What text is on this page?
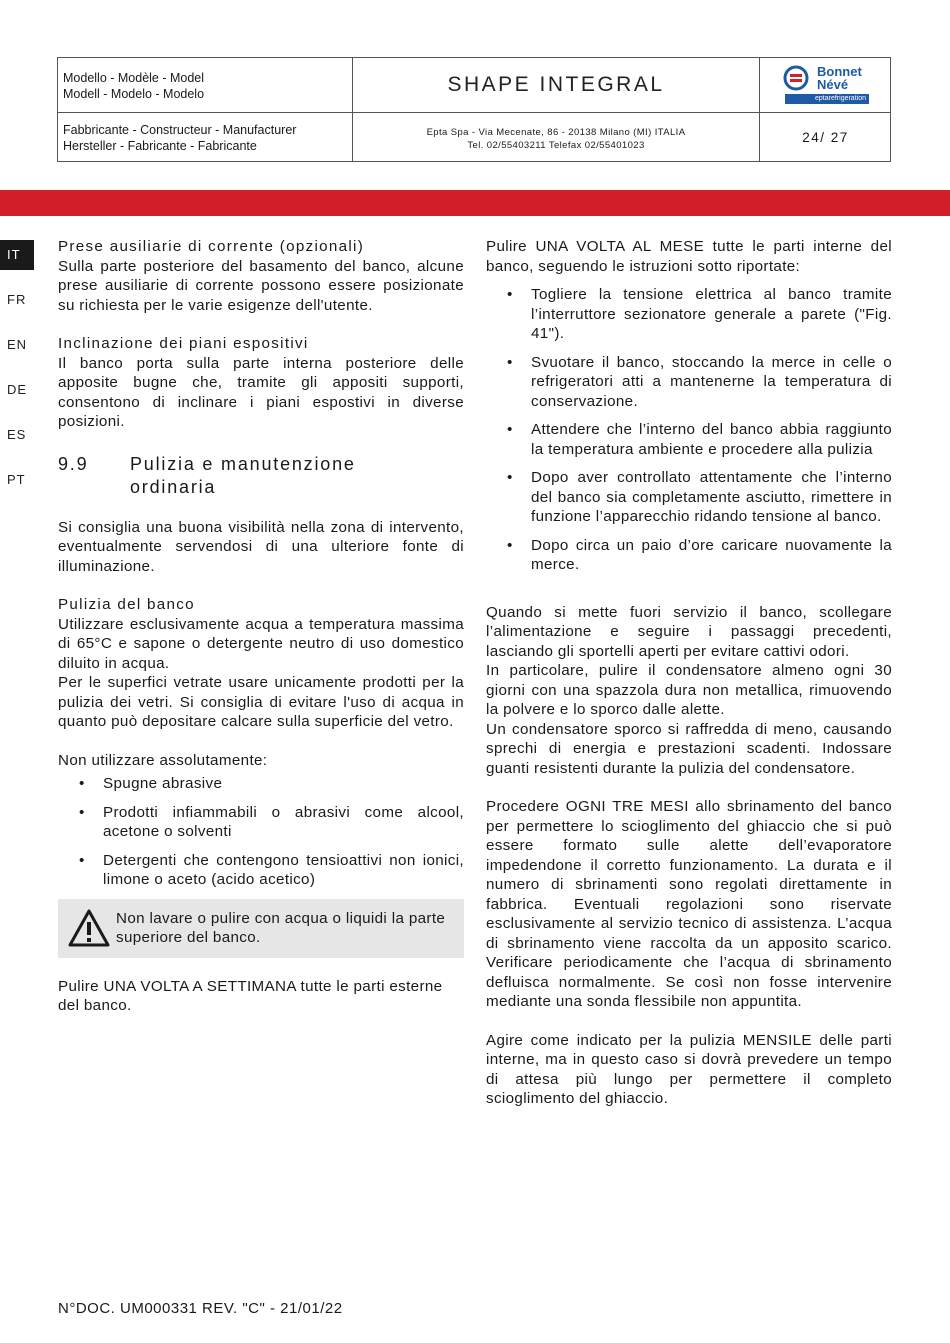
Modello - Modèle - Model
Modell - Modelo - Modelo	SHAPE INTEGRAL
Fabbricante - Constructeur - Manufacturer
Hersteller - Fabricante - Fabricante
Epta Spa - Via Mecenate, 86 - 20138 Milano (MI) ITALIA
Tel. 02/55403211 Telefax 02/55401023
24/ 27
Bonnet
Névé
eptarefrigeration
IT
FR
EN
DE
ES
PT

Prese ausiliarie di corrente (opzionali)

Sulla parte posteriore del basamento del banco, alcune prese ausiliarie di corrente possono essere posizionate su richiesta per le varie esigenze dell'utente.

Inclinazione dei piani espositivi

Il banco porta sulla parte interna posteriore delle apposite bugne che, tramite gli appositi supporti, consentono di inclinare i piani espostivi in diverse posizioni.

9.9	Pulizia e manutenzione ordinaria

Si consiglia una buona visibilità nella zona di intervento, eventualmente servendosi di una ulteriore fonte di illuminazione.

Pulizia del banco

Utilizzare esclusivamente acqua a temperatura massima di 65°C e sapone o detergente neutro di uso domestico diluito in acqua.

Per le superfici vetrate usare unicamente prodotti per la pulizia dei vetri. Si consiglia di evitare l'uso di acqua in quanto può depositare calcare sulla superficie del vetro.

Non utilizzare assolutamente:

• Spugne abrasive
• Prodotti infiammabili o abrasivi come alcool, acetone o solventi
• Detergenti che contengono tensioattivi non ionici, limone o aceto (acido acetico)

Non lavare o pulire con acqua o liquidi la parte superiore del banco.

Pulire UNA VOLTA A SETTIMANA tutte le parti esterne del banco.

Pulire UNA VOLTA AL MESE tutte le parti interne del banco, seguendo le istruzioni sotto riportate:

• Togliere la tensione elettrica al banco tramite l’interruttore sezionatore generale a parete ("Fig. 41").
• Svuotare il banco, stoccando la merce in celle o refrigeratori atti a mantenerne la temperatura di conservazione.
• Attendere che l’interno del banco abbia raggiunto la temperatura ambiente e procedere alla pulizia
• Dopo aver controllato attentamente che l’interno del banco sia completamente asciutto, rimettere in funzione l’apparecchio ridando tensione al banco.
• Dopo circa un paio d’ore caricare nuovamente la merce.

Quando si mette fuori servizio il banco, scollegare l’alimentazione e seguire i passaggi precedenti, lasciando gli sportelli aperti per evitare cattivi odori.

In particolare, pulire il condensatore almeno ogni 30 giorni con una spazzola dura non metallica, rimuovendo la polvere e lo sporco dalle alette.

Un condensatore sporco si raffredda di meno, causando sprechi di energia e prestazioni scadenti. Indossare guanti resistenti durante la pulizia del condensatore.

Procedere OGNI TRE MESI allo sbrinamento del banco per permettere lo scioglimento del ghiaccio che si può essere formato sulle alette dell’evaporatore impedendone il corretto funzionamento. La durata e il numero di sbrinamenti sono regolati direttamente in fabbrica. Eventuali regolazioni sono riservate esclusivamente al servizio tecnico di assistenza. L’acqua di sbrinamento viene raccolta da un apposito scarico. Verificare periodicamente che l’acqua di sbrinamento defluisca normalmente. Se così non fosse intervenire mediante una sonda flessibile non appuntita.

Agire come indicato per la pulizia MENSILE delle parti interne, ma in questo caso si dovrà prevedere un tempo di attesa più lungo per permettere il completo scioglimento del ghiaccio.

N°DOC. UM000331 REV. "C" - 21/01/22
